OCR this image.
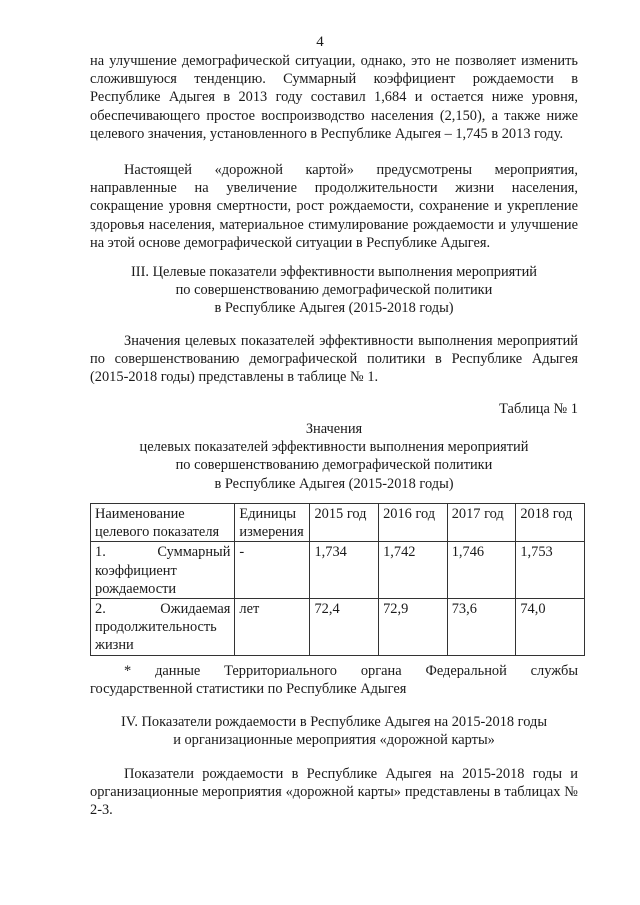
4

на улучшение демографической ситуации, однако, это не позволяет изменить сложившуюся тенденцию. Суммарный коэффициент рождаемости в Республике Адыгея в 2013 году составил 1,684 и остается ниже уровня, обеспечивающего простое воспроизводство населения (2,150), а также ниже целевого значения, установленного в Республике Адыгея – 1,745 в 2013 году.

Настоящей «дорожной картой» предусмотрены мероприятия, направленные на увеличение продолжительности жизни населения, сокращение уровня смертности, рост рождаемости, сохранение и укрепление здоровья населения, материальное стимулирование рождаемости и улучшение на этой основе демографической ситуации в Республике Адыгея.

III. Целевые показатели эффективности выполнения мероприятий
по совершенствованию демографической политики
в Республике Адыгея (2015-2018 годы)

Значения целевых показателей эффективности выполнения мероприятий по совершенствованию демографической политики в Республике Адыгея (2015-2018 годы) представлены в таблице № 1.

Таблица № 1
Значения
целевых показателей эффективности выполнения мероприятий
по совершенствованию демографической политики
в Республике Адыгея (2015-2018 годы)
Наименование целевого показателя	Единицы измерения	2015 год	2016 год	2017 год	2018 год
1. Суммарный коэффициент рождаемости	-	1,734	1,742	1,746	1,753
2. Ожидаемая продолжительность жизни	лет	72,4	72,9	73,6	74,0

* данные Территориального органа Федеральной службы государственной статистики по Республике Адыгея

IV. Показатели рождаемости в Республике Адыгея на 2015-2018 годы
и организационные мероприятия «дорожной карты»

Показатели рождаемости в Республике Адыгея на 2015-2018 годы и организационные мероприятия «дорожной карты» представлены в таблицах № 2-3.
